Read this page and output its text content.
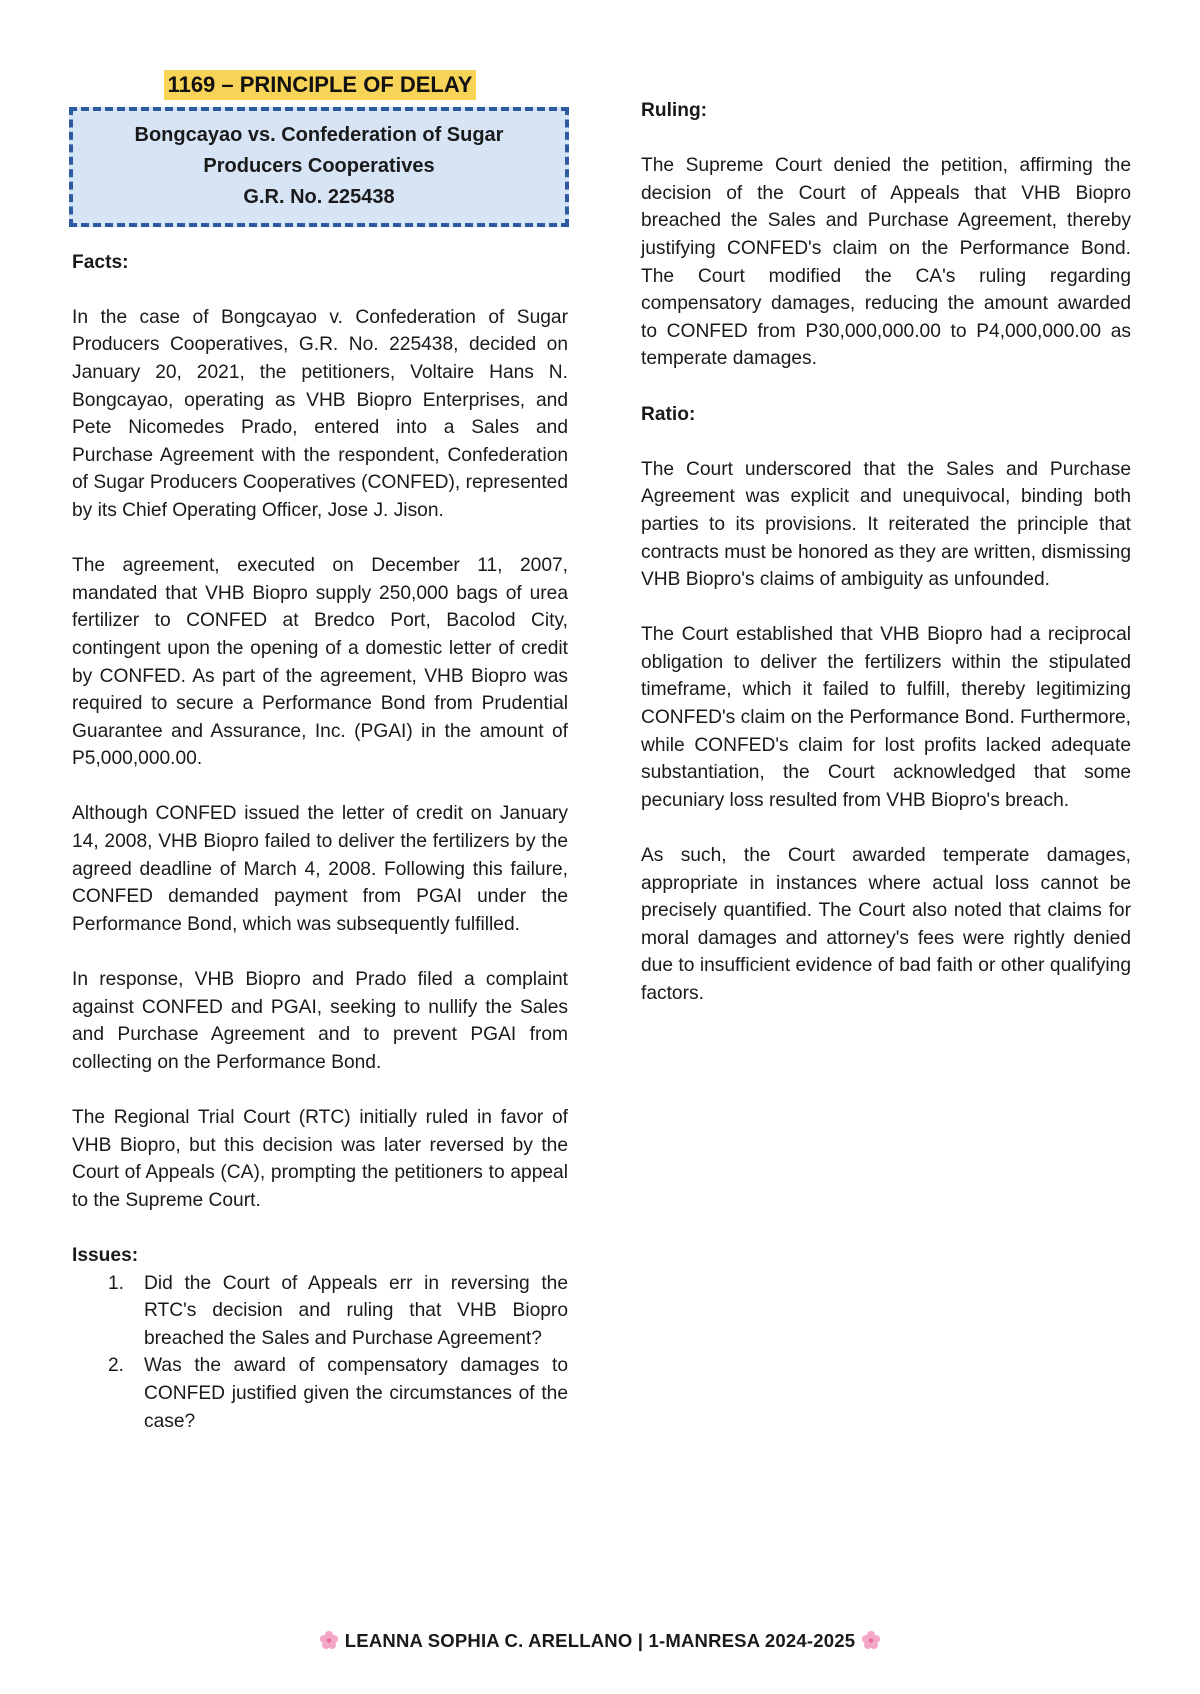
1169 – PRINCIPLE OF DELAY
Bongcayao vs. Confederation of Sugar
Producers Cooperatives
G.R. No. 225438
Facts:

In the case of Bongcayao v. Confederation of Sugar Producers Cooperatives, G.R. No. 225438, decided on January 20, 2021, the petitioners, Voltaire Hans N. Bongcayao, operating as VHB Biopro Enterprises, and Pete Nicomedes Prado, entered into a Sales and Purchase Agreement with the respondent, Confederation of Sugar Producers Cooperatives (CONFED), represented by its Chief Operating Officer, Jose J. Jison.

The agreement, executed on December 11, 2007, mandated that VHB Biopro supply 250,000 bags of urea fertilizer to CONFED at Bredco Port, Bacolod City, contingent upon the opening of a domestic letter of credit by CONFED. As part of the agreement, VHB Biopro was required to secure a Performance Bond from Prudential Guarantee and Assurance, Inc. (PGAI) in the amount of P5,000,000.00.

Although CONFED issued the letter of credit on January 14, 2008, VHB Biopro failed to deliver the fertilizers by the agreed deadline of March 4, 2008. Following this failure, CONFED demanded payment from PGAI under the Performance Bond, which was subsequently fulfilled.

In response, VHB Biopro and Prado filed a complaint against CONFED and PGAI, seeking to nullify the Sales and Purchase Agreement and to prevent PGAI from collecting on the Performance Bond.

The Regional Trial Court (RTC) initially ruled in favor of VHB Biopro, but this decision was later reversed by the Court of Appeals (CA), prompting the petitioners to appeal to the Supreme Court.

Issues:
1.	Did the Court of Appeals err in reversing the RTC's decision and ruling that VHB Biopro breached the Sales and Purchase Agreement?
2.	Was the award of compensatory damages to CONFED justified given the circumstances of the case?
Ruling:

The Supreme Court denied the petition, affirming the decision of the Court of Appeals that VHB Biopro breached the Sales and Purchase Agreement, thereby justifying CONFED's claim on the Performance Bond. The Court modified the CA's ruling regarding compensatory damages, reducing the amount awarded to CONFED from P30,000,000.00 to P4,000,000.00 as temperate damages.

Ratio:

The Court underscored that the Sales and Purchase Agreement was explicit and unequivocal, binding both parties to its provisions. It reiterated the principle that contracts must be honored as they are written, dismissing VHB Biopro's claims of ambiguity as unfounded.

The Court established that VHB Biopro had a reciprocal obligation to deliver the fertilizers within the stipulated timeframe, which it failed to fulfill, thereby legitimizing CONFED's claim on the Performance Bond. Furthermore, while CONFED's claim for lost profits lacked adequate substantiation, the Court acknowledged that some pecuniary loss resulted from VHB Biopro's breach.

As such, the Court awarded temperate damages, appropriate in instances where actual loss cannot be precisely quantified. The Court also noted that claims for moral damages and attorney's fees were rightly denied due to insufficient evidence of bad faith or other qualifying factors.

LEANNA SOPHIA C. ARELLANO | 1-MANRESA 2024-2025
